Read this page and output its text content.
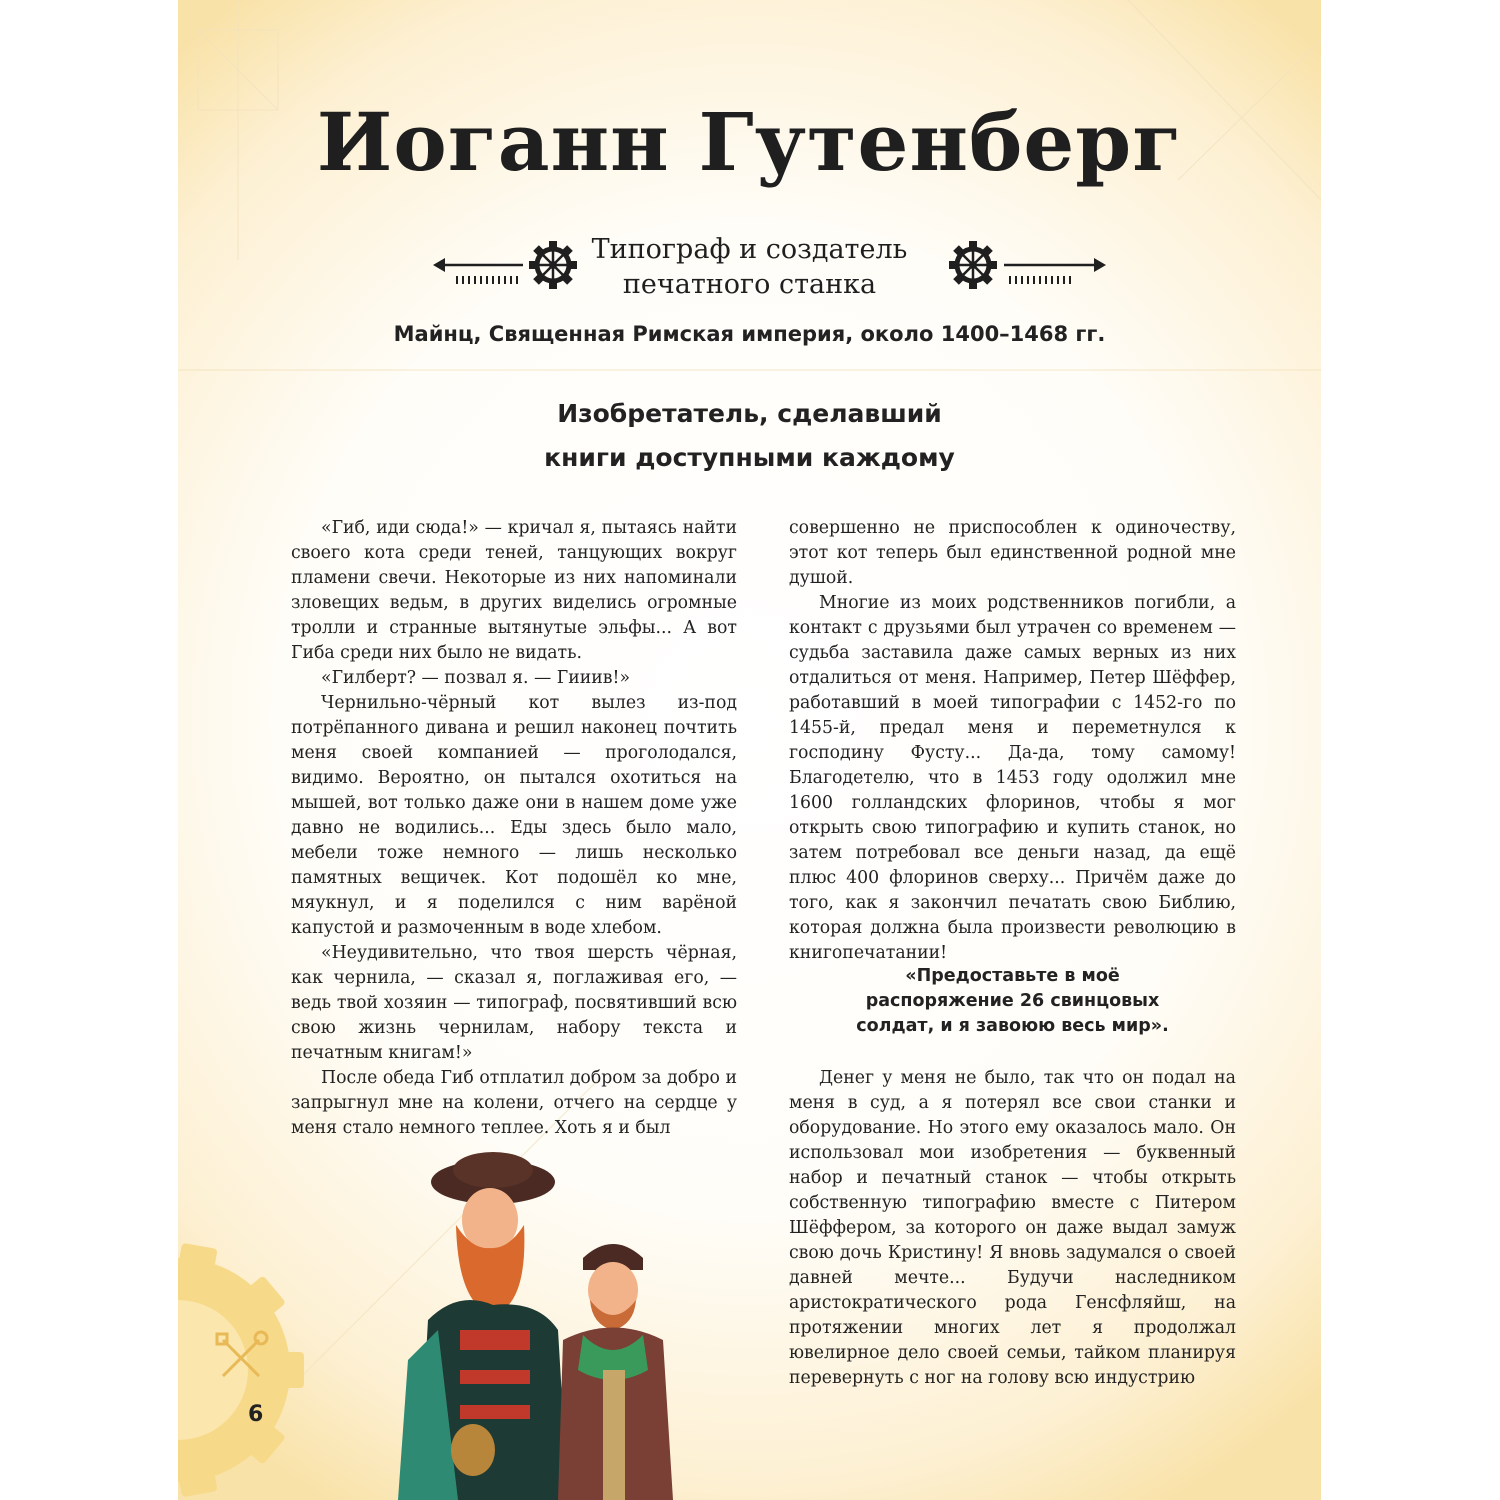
Иоганн Гутенберг
Типограф и создатель
печатного станка
Майнц, Священная Римская империя, около 1400–1468 гг.
Изобретатель, сделавший
книги доступными каждому

«Гиб, иди сюда!» — кричал я, пытаясь найти своего кота среди теней, танцующих вокруг пламени свечи. Некоторые из них напоминали зловещих ведьм, в других виделись огромные тролли и странные вытянутые эльфы... А вот Гиба среди них было не видать.

«Гилберт? — позвал я. — Гииив!»

Чернильно-чёрный кот вылез из-под потрёпанного дивана и решил наконец почтить меня своей компанией — проголодался, видимо. Вероятно, он пытался охотиться на мышей, вот только даже они в нашем доме уже давно не водились... Еды здесь было мало, мебели тоже немного — лишь несколько памятных вещичек. Кот подошёл ко мне, мяукнул, и я поделился с ним варёной капустой и размоченным в воде хлебом.

«Неудивительно, что твоя шерсть чёрная, как чернила, — сказал я, поглаживая его, — ведь твой хозяин — типограф, посвятивший всю свою жизнь чернилам, набору текста и печатным книгам!»

После обеда Гиб отплатил добром за добро и запрыгнул мне на колени, отчего на сердце у меня стало немного теплее. Хоть я и был

совершенно не приспособлен к одиночеству, этот кот теперь был единственной родной мне душой.

Многие из моих родственников погибли, а контакт с друзьями был утрачен со временем — судьба заставила даже самых верных из них отдалиться от меня. Например, Петер Шёффер, работавший в моей типографии с 1452-го по 1455-й, предал меня и переметнулся к господину Фусту... Да-да, тому самому! Благодетелю, что в 1453 году одолжил мне 1600 голландских флоринов, чтобы я мог открыть свою типографию и купить станок, но затем потребовал все деньги назад, да ещё плюс 400 флоринов сверху... Причём даже до того, как я закончил печатать свою Библию, которая должна была произвести революцию в книгопечатании!

«Предоставьте в моё
распоряжение 26 свинцовых
солдат, и я завоюю весь мир».

Денег у меня не было, так что он подал на меня в суд, а я потерял все свои станки и оборудование. Но этого ему оказалось мало. Он использовал мои изобретения — буквенный набор и печатный станок — чтобы открыть собственную типографию вместе с Питером Шёффером, за которого он даже выдал замуж свою дочь Кристину! Я вновь задумался о своей давней мечте... Будучи наследником аристократического рода Генсфляйш, на протяжении многих лет я продолжал ювелирное дело своей семьи, тайком планируя перевернуть с ног на голову всю индустрию

6
